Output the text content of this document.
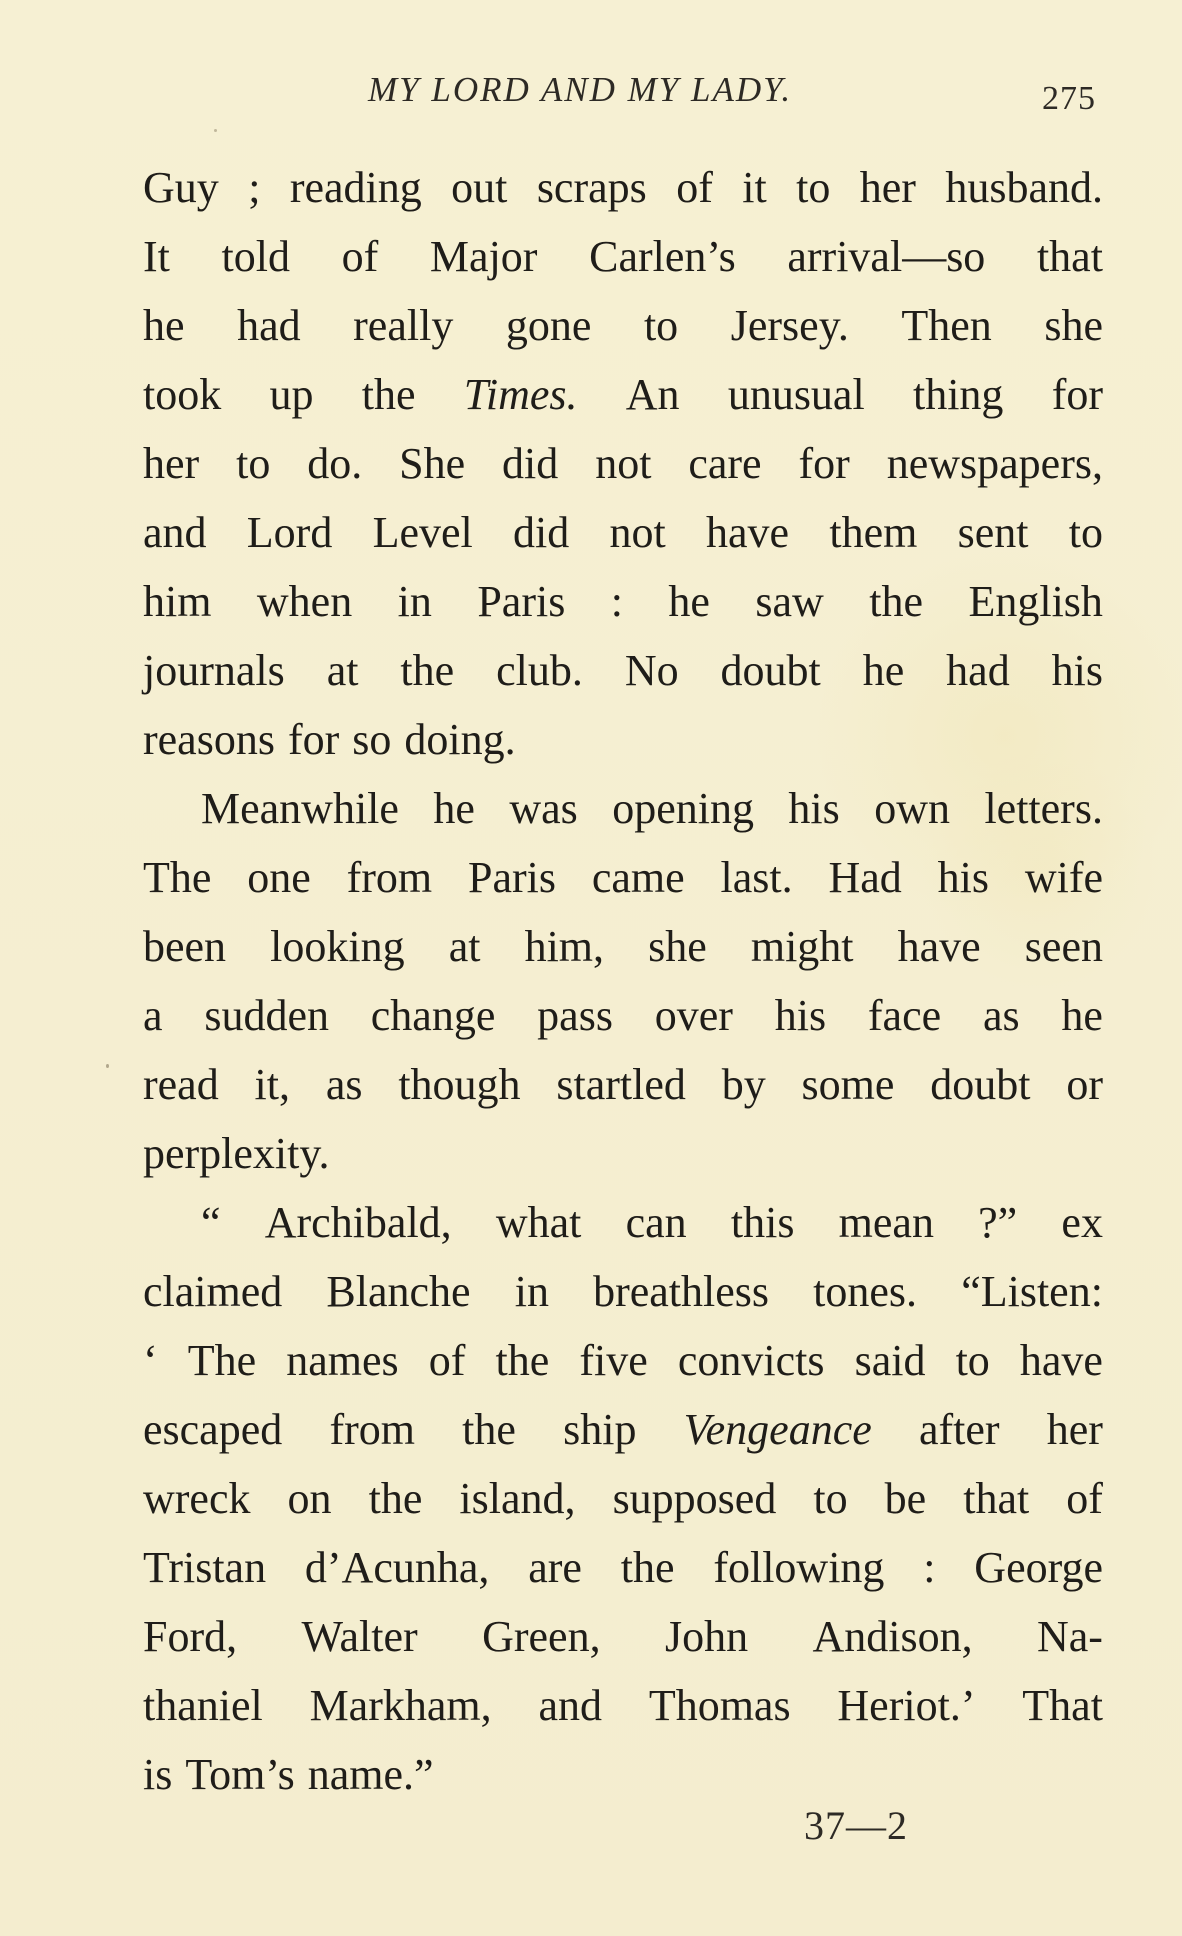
MY LORD AND MY LADY.	275
Guy ; reading out scraps of it to her husband.
It told of Major Carlen’s arrival—so that
he had really gone to Jersey. Then she
took up the Times. An unusual thing for
her to do. She did not care for newspapers,
and Lord Level did not have them sent to
him when in Paris : he saw the English
journals at the club. No doubt he had his
reasons for so doing.
Meanwhile he was opening his own letters.
The one from Paris came last. Had his wife
been looking at him, she might have seen
a sudden change pass over his face as he
read it, as though startled by some doubt or
perplexity.
“ Archibald, what can this mean ?” ex
claimed Blanche in breathless tones. “Listen:
‘ The names of the five convicts said to have
escaped from the ship Vengeance after her
wreck on the island, supposed to be that of
Tristan d’Acunha, are the following : George
Ford, Walter Green, John Andison, Na-
thaniel Markham, and Thomas Heriot.’ That
is Tom’s name.”
37—2
